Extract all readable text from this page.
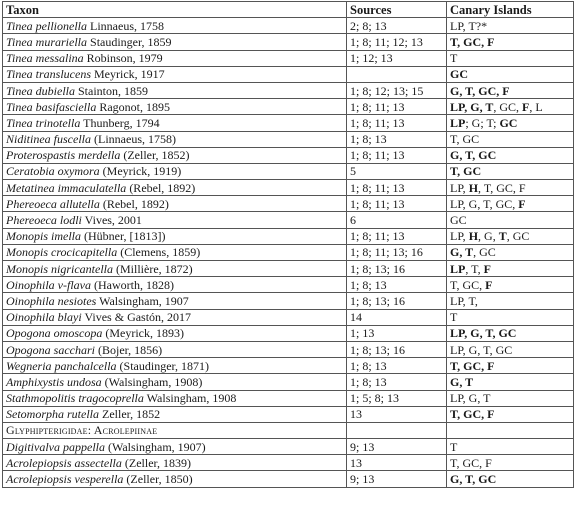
Taxon	Sources	Canary Islands
Tinea pellionella Linnaeus, 1758	2; 8; 13	LP, T?*
Tinea murariella Staudinger, 1859	1; 8; 11; 12; 13	T, GC, F
Tinea messalina Robinson, 1979	1; 12; 13	T
Tinea translucens Meyrick, 1917		GC
Tinea dubiella Stainton, 1859	1; 8; 12; 13; 15	G, T, GC, F
Tinea basifasciella Ragonot, 1895	1; 8; 11; 13	LP, G, T, GC, F, L
Tinea trinotella Thunberg, 1794	1; 8; 11; 13	LP; G; T; GC
Niditinea fuscella (Linnaeus, 1758)	1; 8; 13	T, GC
Proterospastis merdella (Zeller, 1852)	1; 8; 11; 13	G, T, GC
Ceratobia oxymora (Meyrick, 1919)	5	T, GC
Metatinea immaculatella (Rebel, 1892)	1; 8; 11; 13	LP, H, T, GC, F
Phereoeca allutella (Rebel, 1892)	1; 8; 11; 13	LP, G, T, GC, F
Phereoeca lodli Vives, 2001	6	GC
Monopis imella (Hübner, [1813])	1; 8; 11; 13	LP, H, G, T, GC
Monopis crocicapitella (Clemens, 1859)	1; 8; 11; 13; 16	G, T, GC
Monopis nigricantella (Millière, 1872)	1; 8; 13; 16	LP, T, F
Oinophila v-flava (Haworth, 1828)	1; 8; 13	T, GC, F
Oinophila nesiotes Walsingham, 1907	1; 8; 13; 16	LP, T,
Oinophila blayi Vives & Gastón, 2017	14	T
Opogona omoscopa (Meyrick, 1893)	1; 13	LP, G, T, GC
Opogona sacchari (Bojer, 1856)	1; 8; 13; 16	LP, G, T, GC
Wegneria panchalcella (Staudinger, 1871)	1; 8; 13	T, GC, F
Amphixystis undosa (Walsingham, 1908)	1; 8; 13	G, T
Stathmopolitis tragocoprella Walsingham, 1908	1; 5; 8; 13	LP, G, T
Setomorpha rutella Zeller, 1852	13	T, GC, F
Glyphipterigidae: Acrolepiinae		
Digitivalva pappella (Walsingham, 1907)	9; 13	T
Acrolepiopsis assectella (Zeller, 1839)	13	T, GC, F
Acrolepiopsis vesperella (Zeller, 1850)	9; 13	G, T, GC
